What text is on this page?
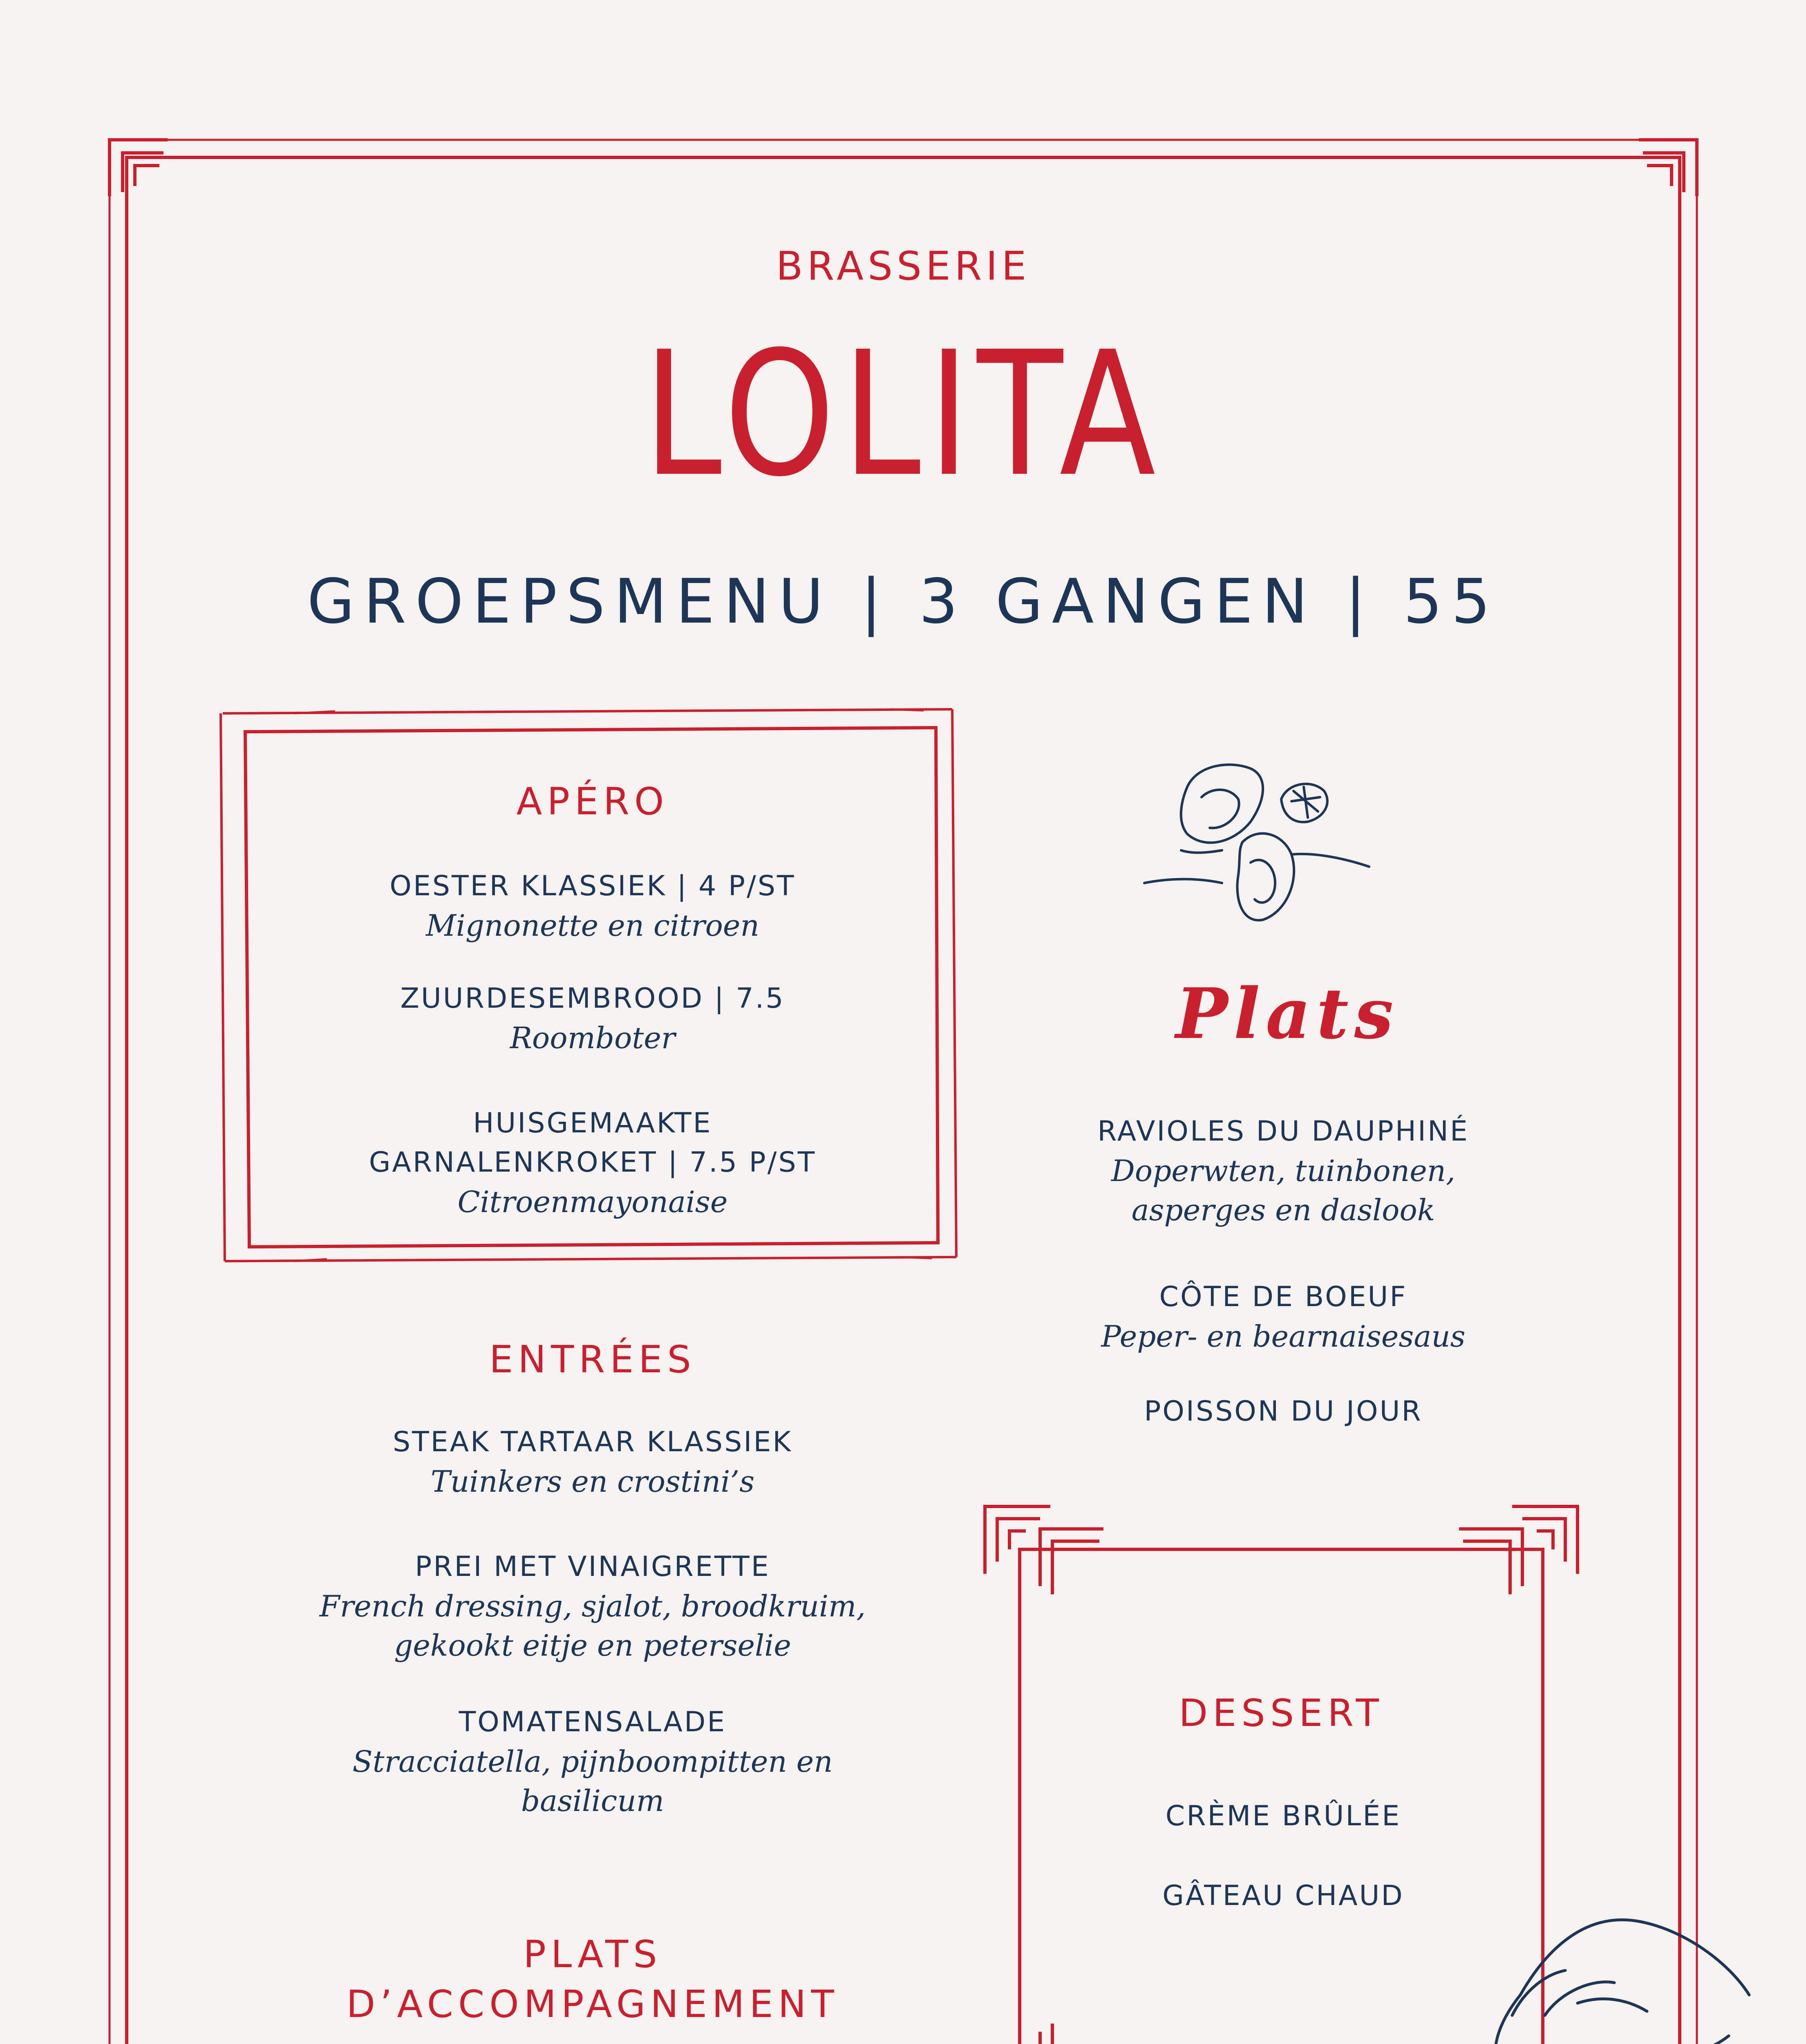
BRASSERIE
LOLITA
GROEPSMENU | 3 GANGEN | 55
APÉRO
OESTER KLASSIEK | 4 P/ST
Mignonette en citroen
ZUURDESEMBROOD | 7.5
Roomboter
HUISGEMAAKTE
GARNALENKROKET | 7.5 P/ST
Citroenmayonaise
ENTRÉES
STEAK TARTAAR KLASSIEK
Tuinkers en crostini’s
PREI MET VINAIGRETTE
French dressing, sjalot, broodkruim,
gekookt eitje en peterselie
TOMATENSALADE
Stracciatella, pijnboompitten en
basilicum
PLATS
D’ACCOMPAGNEMENT
Plats
RAVIOLES DU DAUPHINÉ
Doperwten, tuinbonen,
asperges en daslook
CÔTE DE BOEUF
Peper- en bearnaisesaus
POISSON DU JOUR
DESSERT
CRÈME BRÛLÉE
GÂTEAU CHAUD
